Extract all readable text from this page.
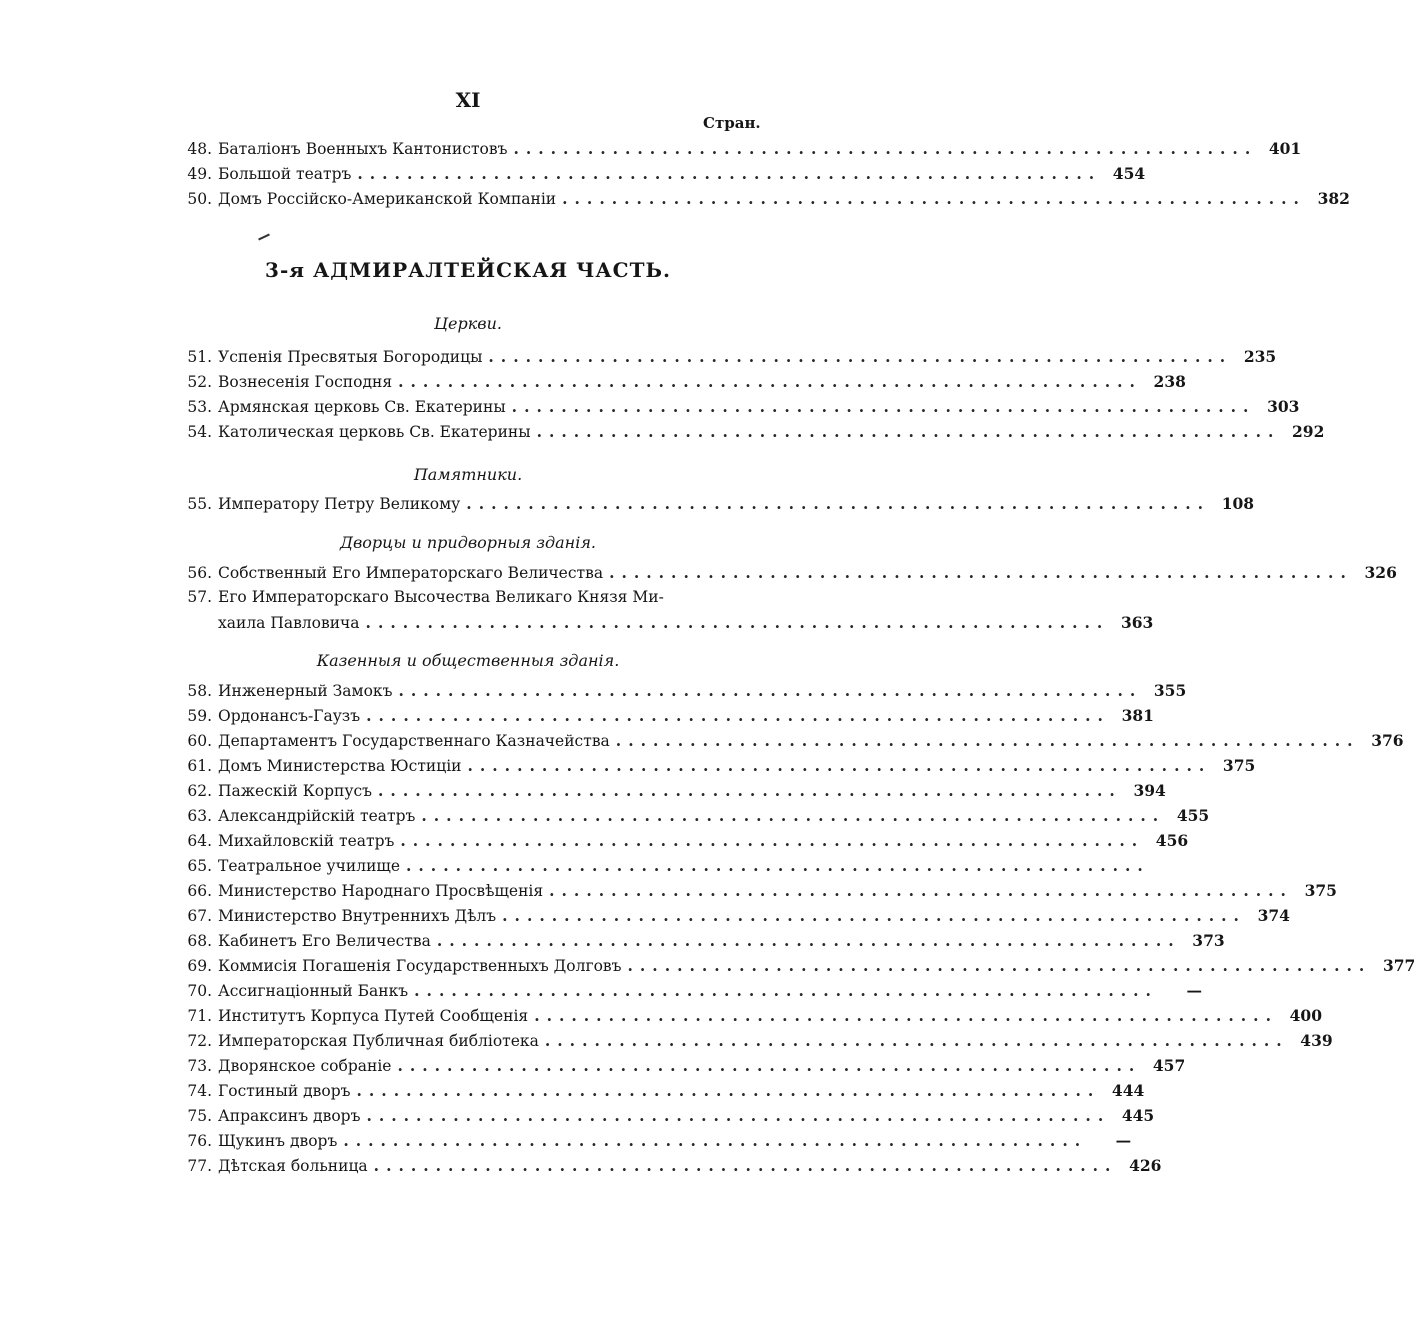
XI
Стран.
48. Баталіонъ Военныхъ Кантонистовъ ............................................................ 401
49. Большой театръ ............................................................ 454
50. Домъ Россійско-Американской Компаніи ............................................................ 382
3-я АДМИРАЛТЕЙСКАЯ ЧАСТЬ.
Церкви.
51. Успенія Пресвятыя Богородицы ............................................................ 235
52. Вознесенія Господня ............................................................ 238
53. Армянская церковь Св. Екатерины ............................................................ 303
54. Католическая церковь Св. Екатерины ............................................................ 292
Памятники.
55. Императору Петру Великому ............................................................ 108
Дворцы и придворныя зданія.
56. Собственный Его Императорскаго Величества ............................................................ 326
57. Его Императорскаго Высочества Великаго Князя Ми-
хаила Павловича ............................................................ 363
Казенныя и общественныя зданія.
58. Инженерный Замокъ ............................................................ 355
59. Ордонансъ-Гаузъ ............................................................ 381
60. Департаментъ Государственнаго Казначейства ............................................................ 376
61. Домъ Министерства Юстиціи ............................................................ 375
62. Пажескій Корпусъ ............................................................ 394
63. Александрійскій театръ ............................................................ 455
64. Михайловскій театръ ............................................................ 456
65. Театральное училище ............................................................
66. Министерство Народнаго Просвѣщенія ............................................................ 375
67. Министерство Внутреннихъ Дѣлъ ............................................................ 374
68. Кабинетъ Его Величества ............................................................ 373
69. Коммисія Погашенія Государственныхъ Долговъ ............................................................ 377
70. Ассигнаціонный Банкъ ............................................................	—
71. Институтъ Корпуса Путей Сообщенія ............................................................ 400
72. Императорская Публичная библіотека ............................................................ 439
73. Дворянское собраніе ............................................................ 457
74. Гостиный дворъ ............................................................ 444
75. Апраксинъ дворъ ............................................................ 445
76. Щукинъ дворъ ............................................................	—
77. Дѣтская больница ............................................................ 426
